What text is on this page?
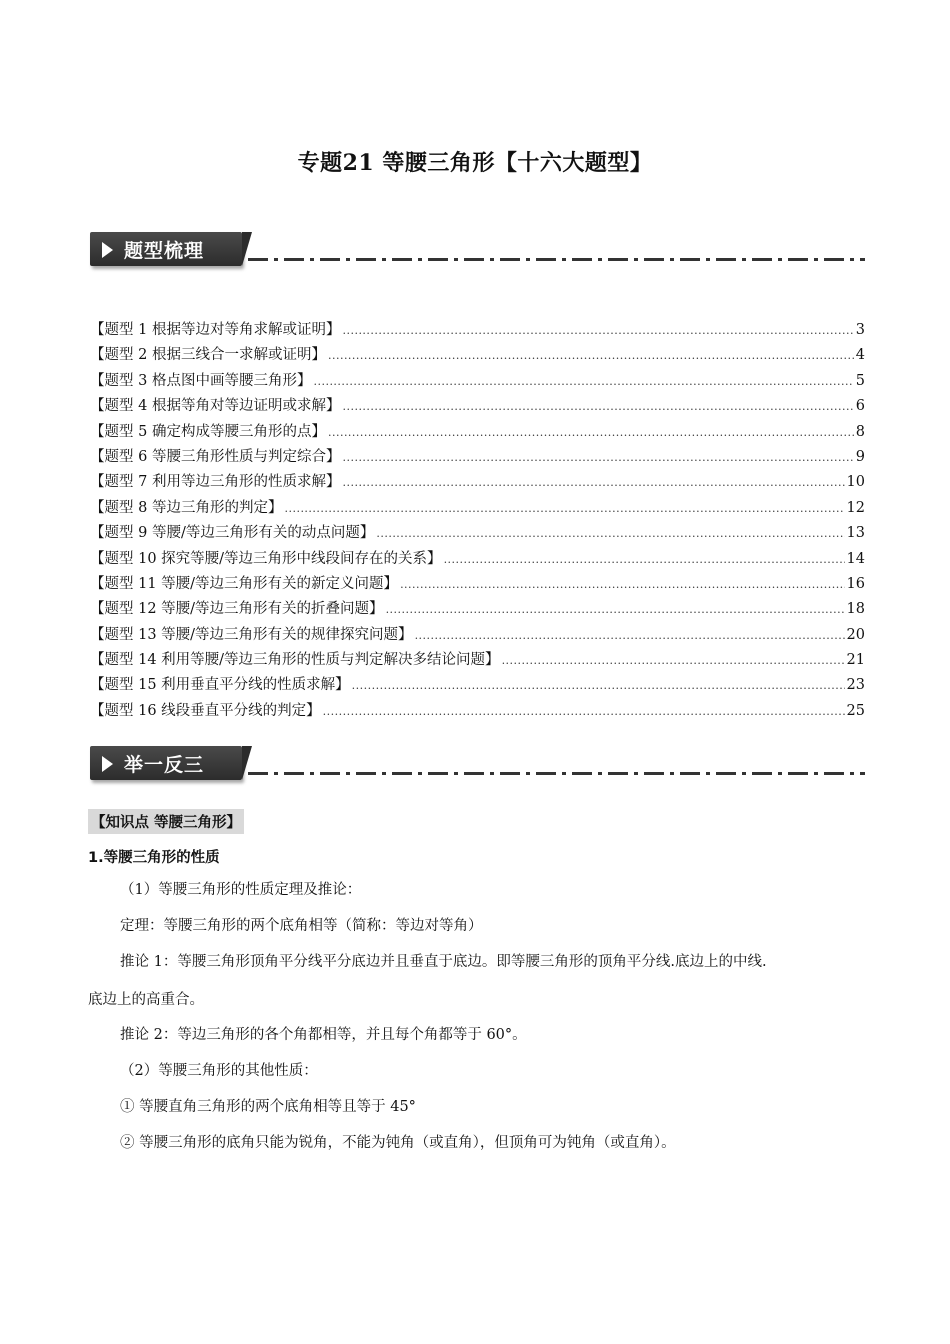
专题21 等腰三角形【十六大题型】
题型梳理
【题型 1 根据等边对等角求解或证明】 .....	3
【题型 2 根据三线合一求解或证明】 .....	4
【题型 3 格点图中画等腰三角形】 .....	5
【题型 4 根据等角对等边证明或求解】 .....	6
【题型 5 确定构成等腰三角形的点】 .....	8
【题型 6 等腰三角形性质与判定综合】 .....	9
【题型 7 利用等边三角形的性质求解】 .....	10
【题型 8 等边三角形的判定】 .....	12
【题型 9 等腰/等边三角形有关的动点问题】 .....	13
【题型 10 探究等腰/等边三角形中线段间存在的关系】 .....	14
【题型 11 等腰/等边三角形有关的新定义问题】 .....	16
【题型 12 等腰/等边三角形有关的折叠问题】 .....	18
【题型 13 等腰/等边三角形有关的规律探究问题】 .....	20
【题型 14 利用等腰/等边三角形的性质与判定解决多结论问题】 .....	21
【题型 15 利用垂直平分线的性质求解】 .....	23
【题型 16 线段垂直平分线的判定】 .....	25
举一反三
【知识点 等腰三角形】
1.等腰三角形的性质
（1）等腰三角形的性质定理及推论：
定理：等腰三角形的两个底角相等（简称：等边对等角）
推论 1：等腰三角形顶角平分线平分底边并且垂直于底边。即等腰三角形的顶角平分线.底边上的中线.
底边上的高重合。
推论 2：等边三角形的各个角都相等，并且每个角都等于 60°。
（2）等腰三角形的其他性质：
① 等腰直角三角形的两个底角相等且等于 45°
② 等腰三角形的底角只能为锐角，不能为钝角（或直角），但顶角可为钝角（或直角）。
